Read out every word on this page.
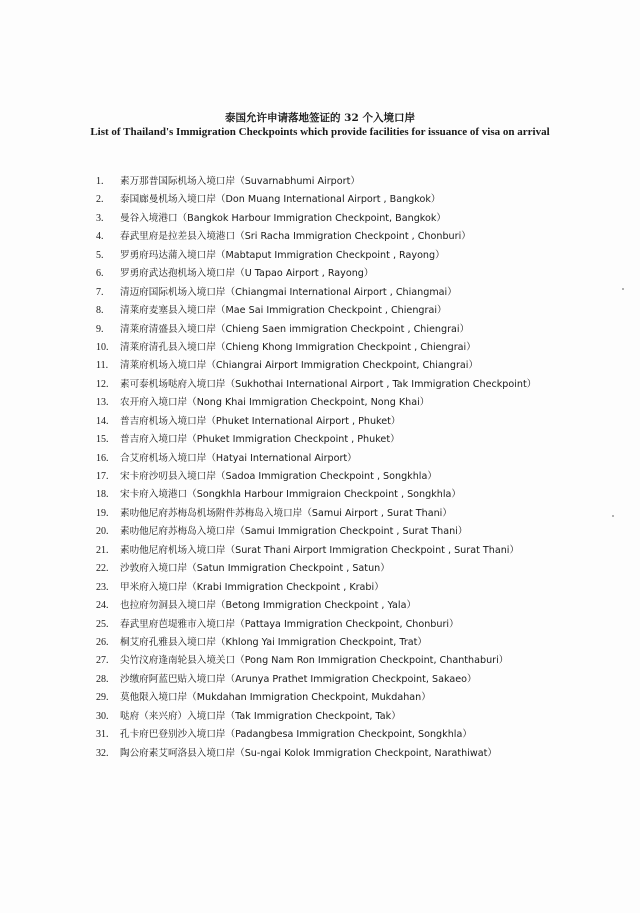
泰国允许申请落地签证的 32 个入境口岸
List of Thailand's Immigration Checkpoints which provide facilities for issuance of visa on arrival
1.	素万那普国际机场入境口岸（Suvarnabhumi Airport）
2.	泰国廊曼机场入境口岸（Don Muang International Airport , Bangkok）
3.	曼谷入境港口（Bangkok Harbour Immigration Checkpoint, Bangkok）
4.	春武里府是拉差县入境港口（Sri Racha Immigration Checkpoint , Chonburi）
5.	罗勇府玛达蒲入境口岸（Mabtaput Immigration Checkpoint , Rayong）
6.	罗勇府武达孢机场入境口岸（U Tapao Airport , Rayong）
7.	清迈府国际机场入境口岸（Chiangmai International Airport , Chiangmai）
8.	清莱府麦塞县入境口岸（Mae Sai Immigration Checkpoint , Chiengrai）
9.	清莱府清盛县入境口岸（Chieng Saen immigration Checkpoint , Chiengrai）
10.	清莱府清孔县入境口岸（Chieng Khong Immigration Checkpoint , Chiengrai）
11.	清莱府机场入境口岸（Chiangrai Airport Immigration Checkpoint, Chiangrai）
12.	素可泰机场哒府入境口岸（Sukhothai International Airport , Tak Immigration Checkpoint）
13.	农开府入境口岸（Nong Khai Immigration Checkpoint, Nong Khai）
14.	普吉府机场入境口岸（Phuket International Airport , Phuket）
15.	普吉府入境口岸（Phuket Immigration Checkpoint , Phuket）
16.	合艾府机场入境口岸（Hatyai International Airport）
17.	宋卡府沙叨县入境口岸（Sadoa Immigration Checkpoint , Songkhla）
18.	宋卡府入境港口（Songkhla Harbour Immigraion Checkpoint , Songkhla）
19.	素叻他尼府苏梅岛机场附件苏梅岛入境口岸（Samui Airport , Surat Thani）
20.	素叻他尼府苏梅岛入境口岸（Samui Immigration Checkpoint , Surat Thani）
21.	素叻他尼府机场入境口岸（Surat Thani Airport Immigration Checkpoint , Surat Thani）
22.	沙敦府入境口岸（Satun Immigration Checkpoint , Satun）
23.	甲米府入境口岸（Krabi Immigration Checkpoint , Krabi）
24.	也拉府勿洞县入境口岸（Betong Immigration Checkpoint , Yala）
25.	春武里府芭堤雅市入境口岸（Pattaya Immigration Checkpoint, Chonburi）
26.	桐艾府孔雅县入境口岸（Khlong Yai Immigration Checkpoint, Trat）
27.	尖竹汶府逢南轮县入境关口（Pong Nam Ron Immigration Checkpoint, Chanthaburi）
28.	沙缴府阿蓝巴贴入境口岸（Arunya Prathet Immigration Checkpoint, Sakaeo）
29.	莫他限入境口岸（Mukdahan Immigration Checkpoint, Mukdahan）
30.	哒府（来兴府）入境口岸（Tak Immigration Checkpoint, Tak）
31.	孔卡府巴登别沙入境口岸（Padangbesa Immigration Checkpoint, Songkhla）
32.	陶公府素艾呵洛县入境口岸（Su-ngai Kolok Immigration Checkpoint, Narathiwat）
